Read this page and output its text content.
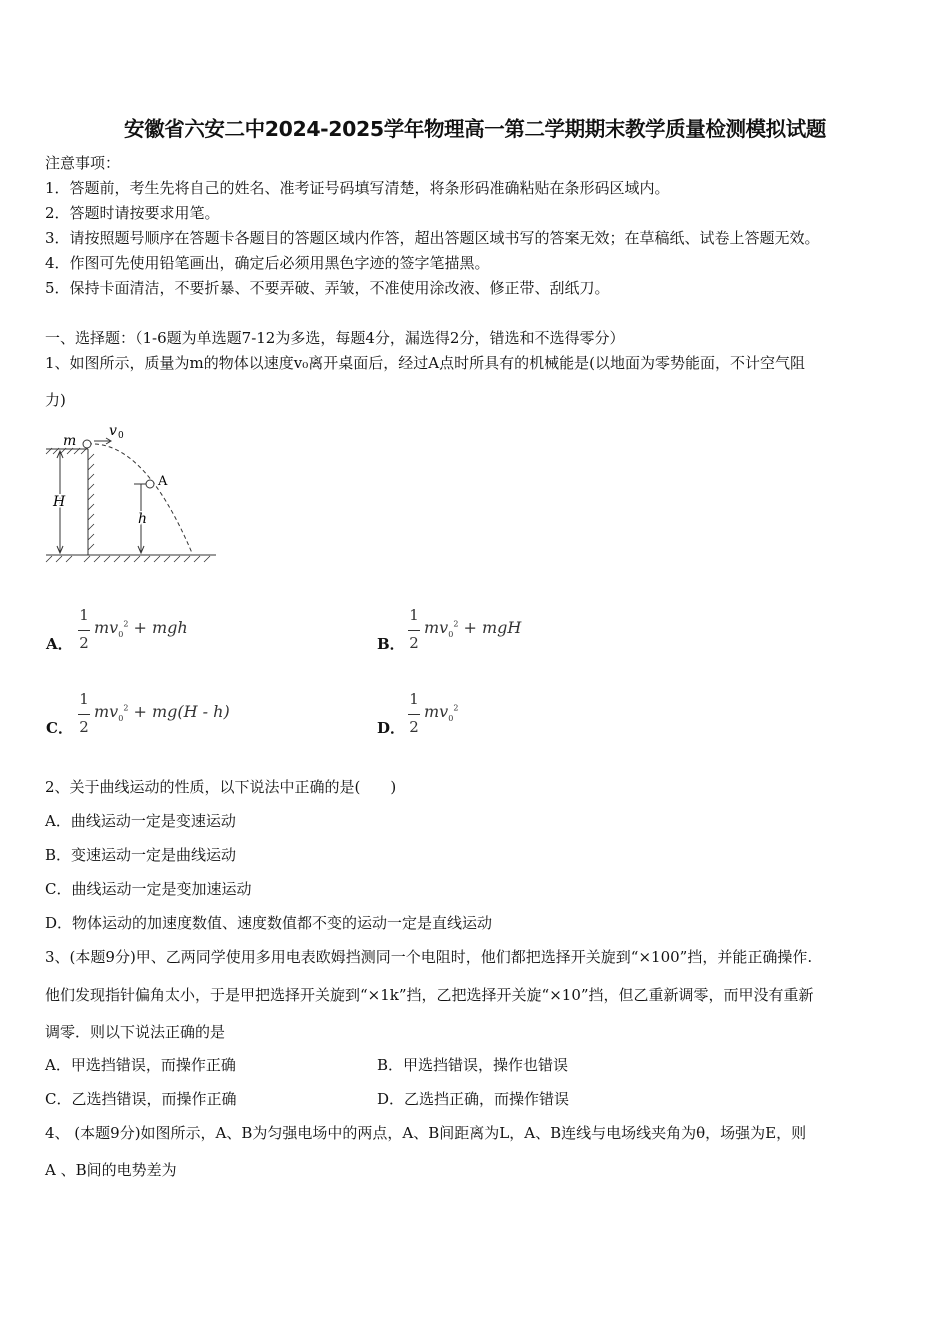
安徽省六安二中2024-2025学年物理高一第二学期期末教学质量检测模拟试题
注意事项：
1．答题前，考生先将自己的姓名、准考证号码填写清楚，将条形码准确粘贴在条形码区域内。
2．答题时请按要求用笔。
3．请按照题号顺序在答题卡各题目的答题区域内作答，超出答题区域书写的答案无效；在草稿纸、试卷上答题无效。
4．作图可先使用铅笔画出，确定后必须用黑色字迹的签字笔描黑。
5．保持卡面清洁，不要折暴、不要弄破、弄皱，不准使用涂改液、修正带、刮纸刀。
一、选择题：（1-6题为单选题7-12为多选，每题4分，漏选得2分，错选和不选得零分）
1、如图所示，质量为m的物体以速度v₀离开桌面后，经过A点时所具有的机械能是(以地面为零势能面，不计空气阻
力)
m
v 0
A
H
h
A．
1
2
$mv_0^2$ + mgh
B．
1
2
$mv_0^2$ + mgH
C．
1
2
$mv_0^2 + mg(H - h)$
D．
1
2
$mv_0^2$
2、关于曲线运动的性质，以下说法中正确的是(　　)
A．曲线运动一定是变速运动
B．变速运动一定是曲线运动
C．曲线运动一定是变加速运动
D．物体运动的加速度数值、速度数值都不变的运动一定是直线运动
3、(本题9分)甲、乙两同学使用多用电表欧姆挡测同一个电阻时，他们都把选择开关旋到“×100”挡，并能正确操作.
他们发现指针偏角太小，于是甲把选择开关旋到“×1k”挡，乙把选择开关旋“×10”挡，但乙重新调零，而甲没有重新
调零．则以下说法正确的是
A．甲选挡错误，而操作正确	B．甲选挡错误，操作也错误
C．乙选挡错误，而操作正确	D．乙选挡正确，而操作错误
4、 (本题9分)如图所示，A、B为匀强电场中的两点，A、B间距离为L，A、B连线与电场线夹角为θ，场强为E，则
A 、B间的电势差为
